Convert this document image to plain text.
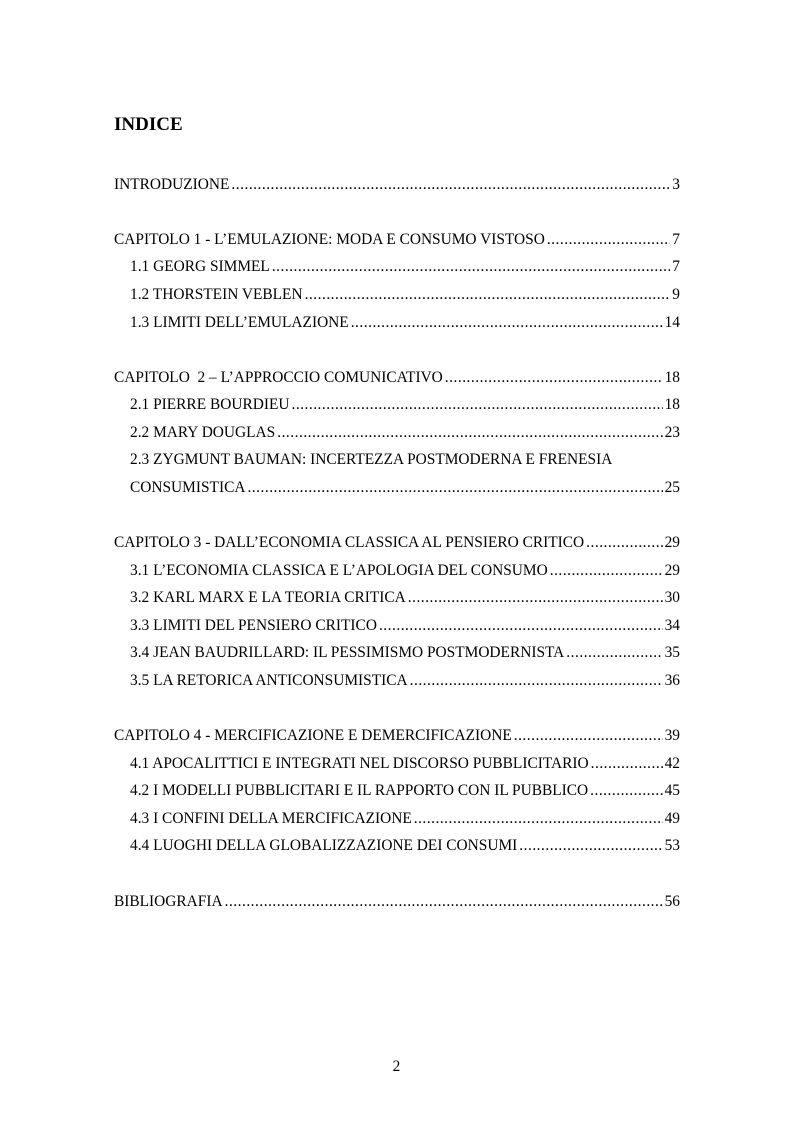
INDICE
INTRODUZIONE .....	3
CAPITOLO 1 - L’EMULAZIONE: MODA E CONSUMO VISTOSO .....	7
1.1 GEORG SIMMEL .....	7
1.2 THORSTEIN VEBLEN .....	9
1.3 LIMITI DELL’EMULAZIONE .....	14
CAPITOLO  2 – L’APPROCCIO COMUNICATIVO .....	18
2.1 PIERRE BOURDIEU .....	18
2.2 MARY DOUGLAS .....	23
2.3 ZYGMUNT BAUMAN: INCERTEZZA POSTMODERNA E FRENESIA
CONSUMISTICA .....	25
CAPITOLO 3 - DALL’ECONOMIA CLASSICA AL PENSIERO CRITICO .....	29
3.1 L’ECONOMIA CLASSICA E L’APOLOGIA DEL CONSUMO .....	29
3.2 KARL MARX E LA TEORIA CRITICA .....	30
3.3 LIMITI DEL PENSIERO CRITICO .....	34
3.4 JEAN BAUDRILLARD: IL PESSIMISMO POSTMODERNISTA .....	35
3.5 LA RETORICA ANTICONSUMISTICA .....	36
CAPITOLO 4 - MERCIFICAZIONE E DEMERCIFICAZIONE .....	39
4.1 APOCALITTICI E INTEGRATI NEL DISCORSO PUBBLICITARIO .....	42
4.2 I MODELLI PUBBLICITARI E IL RAPPORTO CON IL PUBBLICO .....	45
4.3 I CONFINI DELLA MERCIFICAZIONE .....	49
4.4 LUOGHI DELLA GLOBALIZZAZIONE DEI CONSUMI .....	53
BIBLIOGRAFIA .....	56
2
